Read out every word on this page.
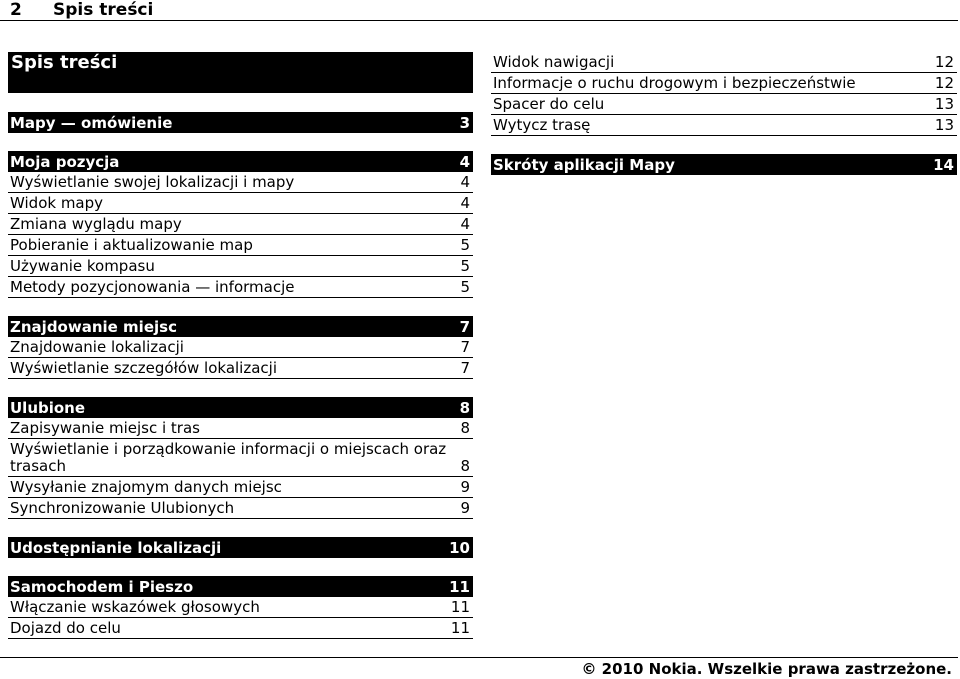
2 Spis treści
Spis treści
Mapy — omówienie	3
Moja pozycja	4
Wyświetlanie swojej lokalizacji i mapy	4
Widok mapy	4
Zmiana wyglądu mapy	4
Pobieranie i aktualizowanie map	5
Używanie kompasu	5
Metody pozycjonowania — informacje	5
Znajdowanie miejsc	7
Znajdowanie lokalizacji	7
Wyświetlanie szczegółów lokalizacji	7
Ulubione	8
Zapisywanie miejsc i tras	8
Wyświetlanie i porządkowanie informacji o miejscach oraz trasach	8
Wysyłanie znajomym danych miejsc	9
Synchronizowanie Ulubionych	9
Udostępnianie lokalizacji	10
Samochodem i Pieszo	11
Włączanie wskazówek głosowych	11
Dojazd do celu	11
Widok nawigacji	12
Informacje o ruchu drogowym i bezpieczeństwie	12
Spacer do celu	13
Wytycz trasę	13
Skróty aplikacji Mapy	14
© 2010 Nokia. Wszelkie prawa zastrzeżone.
